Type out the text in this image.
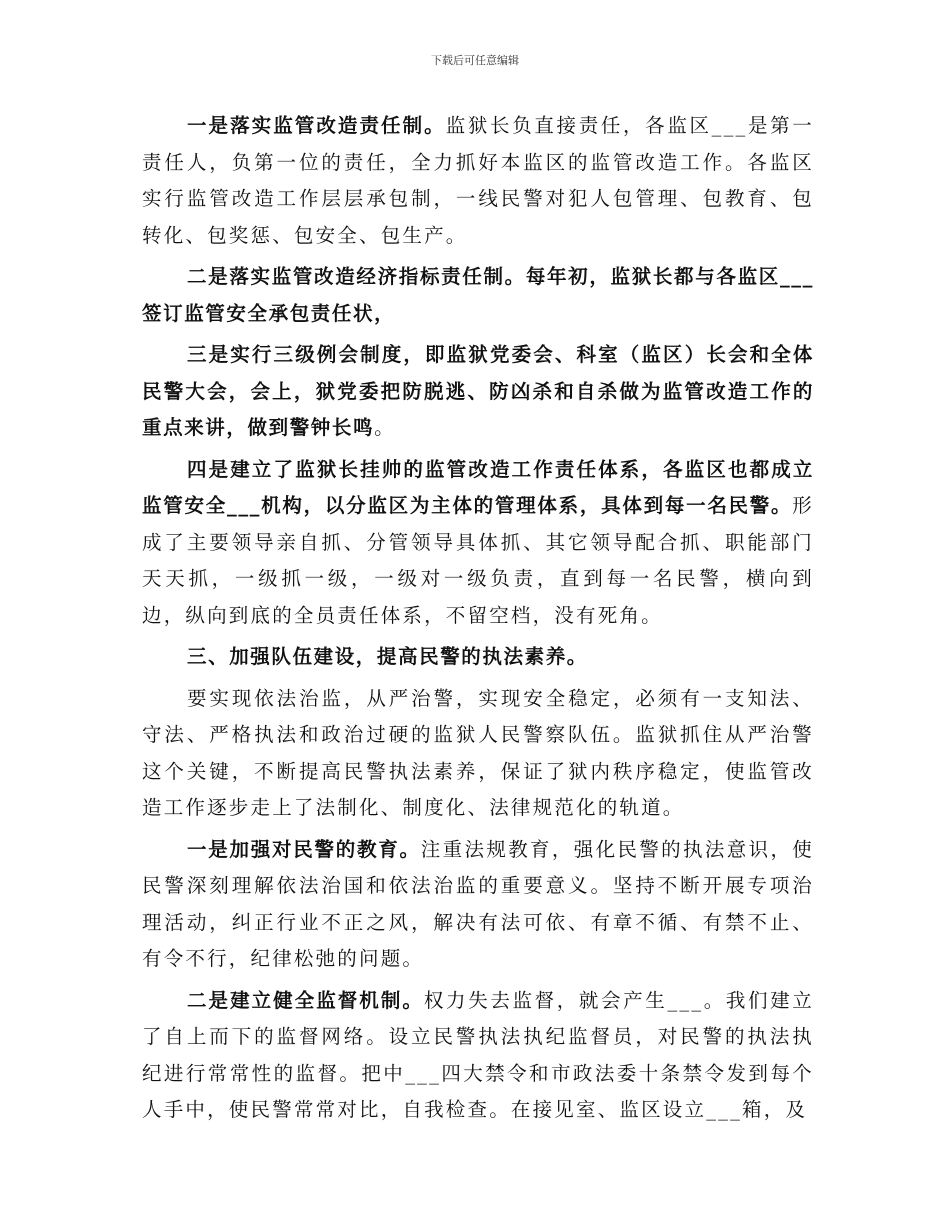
下载后可任意编辑

一是落实监管改造责任制。监狱长负直接责任，各监区___是第一责任人，负第一位的责任，全力抓好本监区的监管改造工作。各监区实行监管改造工作层层承包制，一线民警对犯人包管理、包教育、包转化、包奖惩、包安全、包生产。

二是落实监管改造经济指标责任制。每年初，监狱长都与各监区___签订监管安全承包责任状，

三是实行三级例会制度，即监狱党委会、科室（监区）长会和全体民警大会，会上，狱党委把防脱逃、防凶杀和自杀做为监管改造工作的重点来讲，做到警钟长鸣。

四是建立了监狱长挂帅的监管改造工作责任体系，各监区也都成立监管安全___机构，以分监区为主体的管理体系，具体到每一名民警。形成了主要领导亲自抓、分管领导具体抓、其它领导配合抓、职能部门天天抓，一级抓一级，一级对一级负责，直到每一名民警，横向到边，纵向到底的全员责任体系，不留空档，没有死角。

三、加强队伍建设，提高民警的执法素养。

要实现依法治监，从严治警，实现安全稳定，必须有一支知法、守法、严格执法和政治过硬的监狱人民警察队伍。监狱抓住从严治警这个关键，不断提高民警执法素养，保证了狱内秩序稳定，使监管改造工作逐步走上了法制化、制度化、法律规范化的轨道。

一是加强对民警的教育。注重法规教育，强化民警的执法意识，使民警深刻理解依法治国和依法治监的重要意义。坚持不断开展专项治理活动，纠正行业不正之风，解决有法可依、有章不循、有禁不止、有令不行，纪律松弛的问题。

二是建立健全监督机制。权力失去监督，就会产生___。我们建立了自上而下的监督网络。设立民警执法执纪监督员，对民警的执法执纪进行常常性的监督。把中___四大禁令和市政法委十条禁令发到每个人手中，使民警常常对比，自我检查。在接见室、监区设立___箱，及
